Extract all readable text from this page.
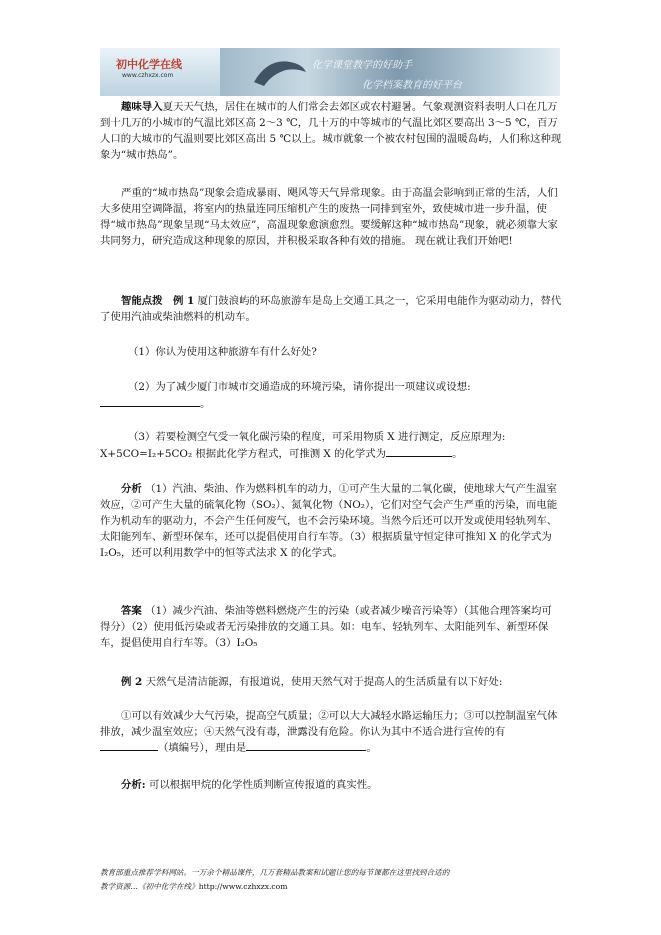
初中化学在线
www.czhxzx.com
化学课堂教学的好助手
化学档案教育的好平台

趣味导入夏天天气热，居住在城市的人们常会去郊区或农村避暑。气象观测资料表明人口在几万到十几万的小城市的气温比郊区高 2～3 ℃，几十万的中等城市的气温比郊区要高出 3～5 ℃，百万人口的大城市的气温则要比郊区高出 5 ℃以上。城市就象一个被农村包围的温暖岛屿，人们称这种现象为“城市热岛”。

严重的“城市热岛”现象会造成暴雨、飓风等天气异常现象。由于高温会影响到正常的生活，人们大多使用空调降温，将室内的热量连同压缩机产生的废热一同排到室外，致使城市进一步升温，使得“城市热岛”现象呈现“马太效应”，高温现象愈演愈烈。要缓解这种“城市热岛”现象，就必须靠大家共同努力，研究造成这种现象的原因，并积极采取各种有效的措施。 现在就让我们开始吧!

智能点拨　例 1 厦门鼓浪屿的环岛旅游车是岛上交通工具之一，它采用电能作为驱动动力，替代了使用汽油或柴油燃料的机动车。

（1）你认为使用这种旅游车有什么好处?

（2）为了减少厦门市城市交通造成的环境污染，请你提出一项建议或设想:

。

（3）若要检测空气受一氧化碳污染的程度，可采用物质 X 进行测定，反应原理为:

X+5CO=I₂+5CO₂ 根据此化学方程式，可推测 X 的化学式为	。

分析 （1）汽油、柴油、作为燃料机车的动力，①可产生大量的二氧化碳，使地球大气产生温室效应，②可产生大量的硫氧化物（SO₂）、氮氧化物（NO₂），它们对空气会产生严重的污染，而电能作为机动车的驱动力，不会产生任何废气，也不会污染环境。当然今后还可以开发或使用轻轨列车、太阳能列车、新型环保车，还可以提倡使用自行车等。（3）根据质量守恒定律可推知 X 的化学式为 I₂O₅，还可以利用数学中的恒等式法求 X 的化学式。

答案 （1）减少汽油、柴油等燃料燃烧产生的污染（或者减少噪音污染等）（其他合理答案均可得分）（2）使用低污染或者无污染排放的交通工具。如：电车、轻轨列车、太阳能列车、新型环保车，提倡使用自行车等。（3）I₂O₅

例 2 天然气是清洁能源，有报道说，使用天然气对于提高人的生活质量有以下好处:

①可以有效减少大气污染，提高空气质量；②可以大大减轻水路运输压力；③可以控制温室气体排放，减少温室效应；④天然气没有毒，泄露没有危险。你认为其中不适合进行宣传的有（填编号），理由是	。

分析: 可以根据甲烷的化学性质判断宣传报道的真实性。

教育部重点推荐学科网站。一万余个精品课件，几万套精品教案和试题让您的每节课都在这里找到合适的
教学资源…《初中化学在线》http://www.czhxzx.com
